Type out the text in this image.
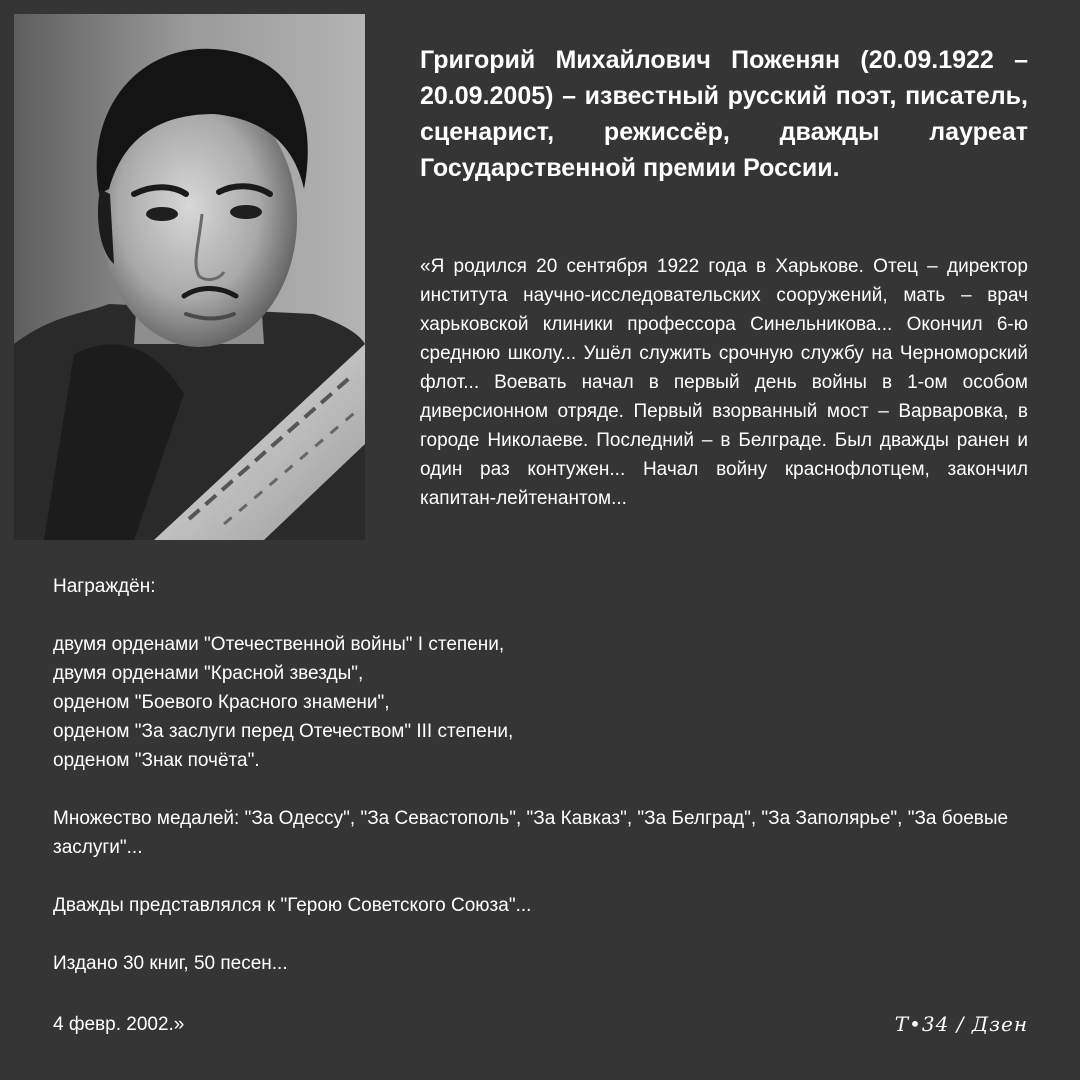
Григорий Михайлович Поженян (20.09.1922 – 20.09.2005) – известный русский поэт, писатель, сценарист, режиссёр, дважды лауреат Государственной премии России.

«Я родился 20 сентября 1922 года в Харькове. Отец – директор института научно-исследовательских сооружений, мать – врач харьковской клиники профессора Синельникова... Окончил 6-ю среднюю школу... Ушёл служить срочную службу на Черноморский флот... Воевать начал в первый день войны в 1-ом особом диверсионном отряде. Первый взорванный мост – Варваровка, в городе Николаеве. Последний – в Белграде. Был дважды ранен и один раз контужен... Начал войну краснофлотцем, закончил капитан-лейтенантом...

Награждён:

двумя орденами "Отечественной войны" I степени,

двумя орденами "Красной звезды",

орденом "Боевого Красного знамени",

орденом "За заслуги перед Отечеством" III степени,

орденом "Знак почёта".

Множество медалей: "За Одессу", "За Севастополь", "За Кавказ", "За Белград", "За Заполярье", "За боевые заслуги"...

Дважды представлялся к "Герою Советского Союза"...

Издано 30 книг, 50 песен...

4 февр. 2002.»	Т•34 / Дзен
